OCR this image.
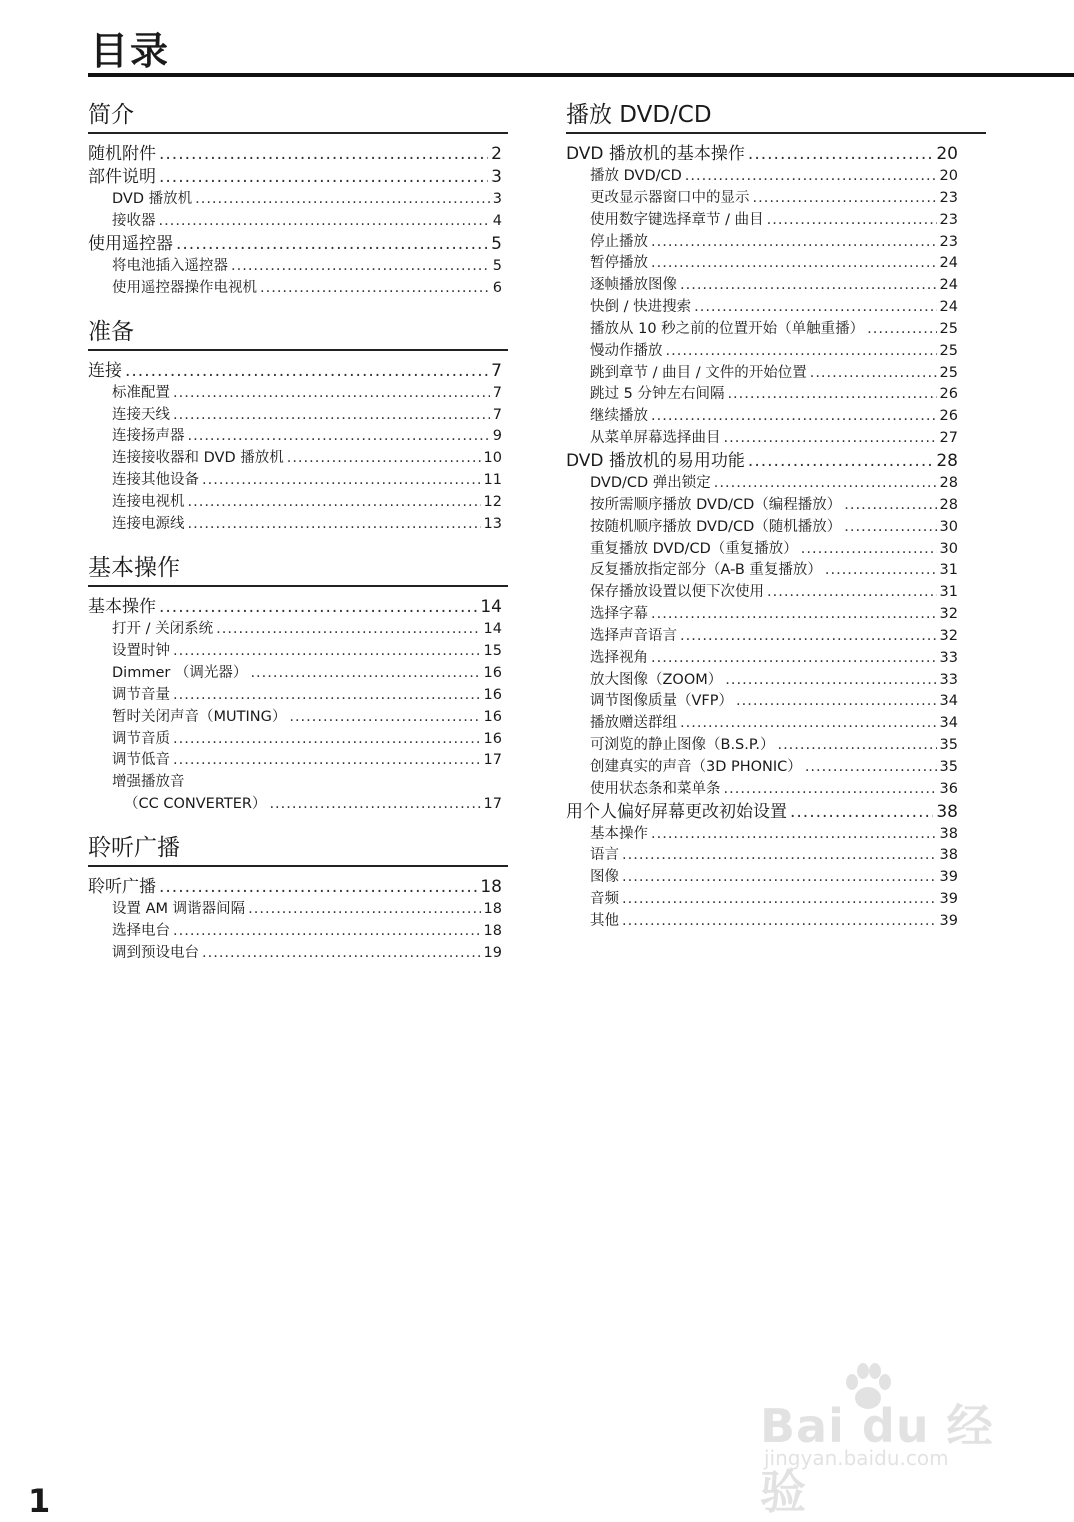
目录
简介
随机附件 .....	2
部件说明 .....	3
DVD 播放机 .....	3
接收器 .....	4
使用遥控器 .....	5
将电池插入遥控器 .....	5
使用遥控器操作电视机 .....	6
准备
连接 .....	7
标准配置 .....	7
连接天线 .....	7
连接扬声器 .....	9
连接接收器和 DVD 播放机 .....	10
连接其他设备 .....	11
连接电视机 .....	12
连接电源线 .....	13
基本操作
基本操作 .....	14
打开 / 关闭系统 .....	14
设置时钟 .....	15
Dimmer （调光器） .....	16
调节音量 .....	16
暂时关闭声音（MUTING） .....	16
调节音质 .....	16
调节低音 .....	17
增强播放音
（CC CONVERTER） .....	17
聆听广播
聆听广播 .....	18
设置 AM 调谐器间隔 .....	18
选择电台 .....	18
调到预设电台 .....	19
播放 DVD/CD
DVD 播放机的基本操作 .....	20
播放 DVD/CD .....	20
更改显示器窗口中的显示 .....	23
使用数字键选择章节 / 曲目 .....	23
停止播放 .....	23
暂停播放 .....	24
逐帧播放图像 .....	24
快倒 / 快进搜索 .....	24
播放从 10 秒之前的位置开始（单触重播） .....	25
慢动作播放 .....	25
跳到章节 / 曲目 / 文件的开始位置 .....	25
跳过 5 分钟左右间隔 .....	26
继续播放 .....	26
从菜单屏幕选择曲目 .....	27
DVD 播放机的易用功能 .....	28
DVD/CD 弹出锁定 .....	28
按所需顺序播放 DVD/CD（编程播放） .....	28
按随机顺序播放 DVD/CD（随机播放） .....	30
重复播放 DVD/CD（重复播放） .....	30
反复播放指定部分（A-B 重复播放） .....	31
保存播放设置以便下次使用 .....	31
选择字幕 .....	32
选择声音语言 .....	32
选择视角 .....	33
放大图像（ZOOM） .....	33
调节图像质量（VFP） .....	34
播放赠送群组 .....	34
可浏览的静止图像（B.S.P.） .....	35
创建真实的声音（3D PHONIC） .....	35
使用状态条和菜单条 .....	36
用个人偏好屏幕更改初始设置 .....	38
基本操作 .....	38
语言 .....	38
图像 .....	39
音频 .....	39
其他 .....	39
Bai du 经验
jingyan.baidu.com
1
